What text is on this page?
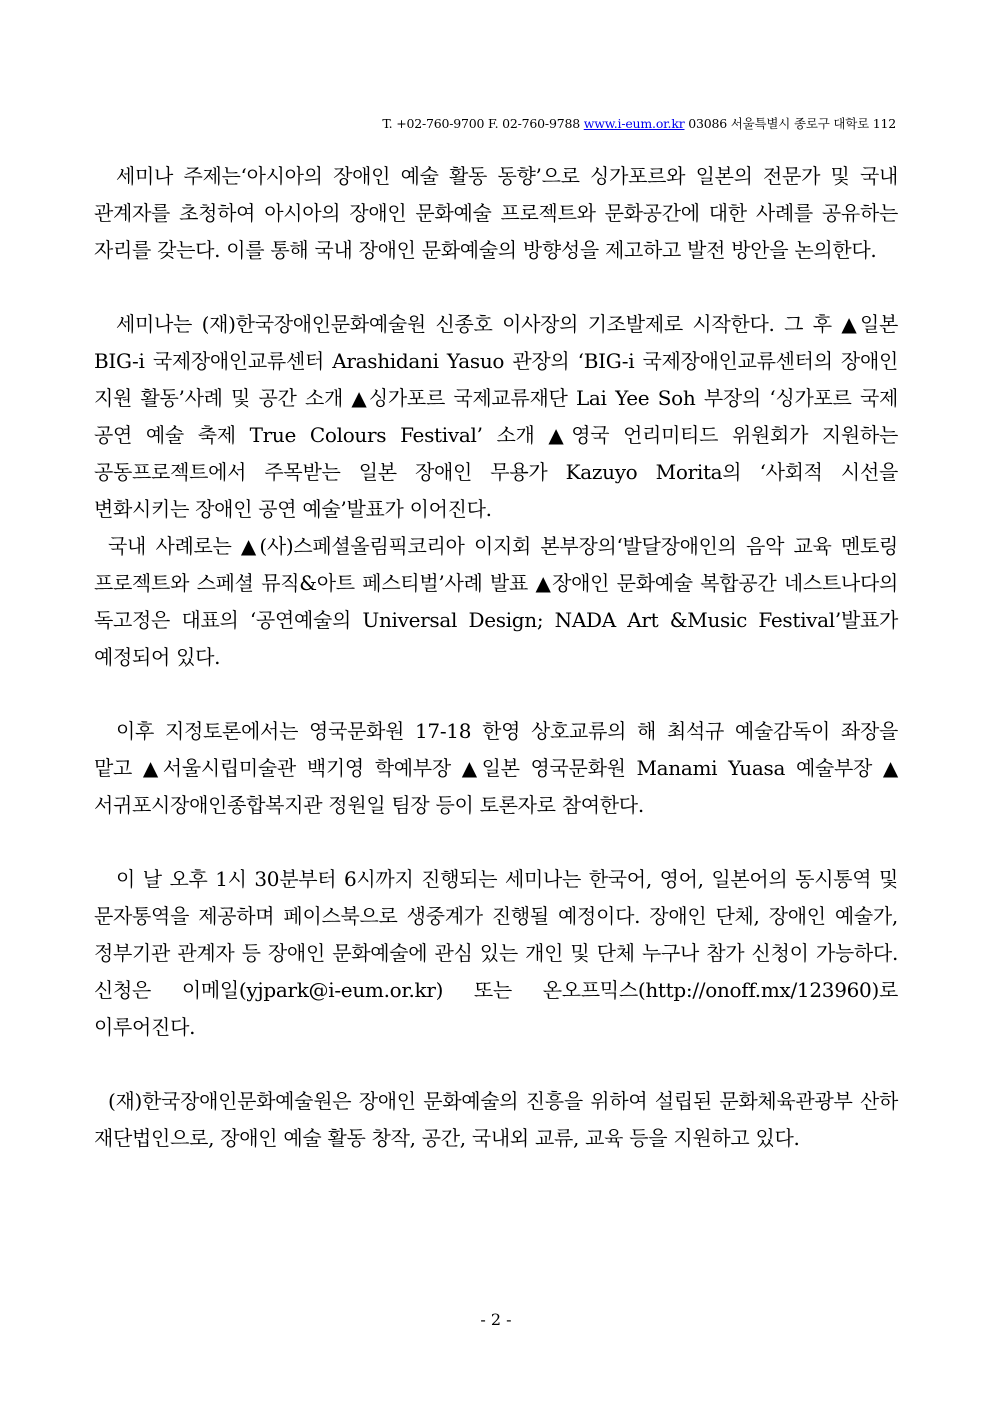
T. +02-760-9700 F. 02-760-9788 www.i-eum.or.kr 03086 서울특별시 종로구 대학로 112

세미나 주제는‘아시아의 장애인 예술 활동 동향’으로 싱가포르와 일본의 전문가 및 국내 관계자를 초청하여 아시아의 장애인 문화예술 프로젝트와 문화공간에 대한 사례를 공유하는 자리를 갖는다. 이를 통해 국내 장애인 문화예술의 방향성을 제고하고 발전 방안을 논의한다.

세미나는 (재)한국장애인문화예술원 신종호 이사장의 기조발제로 시작한다. 그 후 ▲일본 BIG-i 국제장애인교류센터 Arashidani Yasuo 관장의 ‘BIG-i 국제장애인교류센터의 장애인 지원 활동’사례 및 공간 소개 ▲싱가포르 국제교류재단 Lai Yee Soh 부장의 ‘싱가포르 국제 공연 예술 축제 True Colours Festival’ 소개 ▲영국 언리미티드 위원회가 지원하는 공동프로젝트에서 주목받는 일본 장애인 무용가 Kazuyo Morita의 ‘사회적 시선을 변화시키는 장애인 공연 예술’발표가 이어진다.

국내 사례로는 ▲(사)스페셜올림픽코리아 이지회 본부장의‘발달장애인의 음악 교육 멘토링 프로젝트와 스페셜 뮤직&아트 페스티벌’사례 발표 ▲장애인 문화예술 복합공간 네스트나다의 독고정은 대표의 ‘공연예술의 Universal Design; NADA Art &Music Festival’발표가 예정되어 있다.

이후 지정토론에서는 영국문화원 17-18 한영 상호교류의 해 최석규 예술감독이 좌장을 맡고 ▲서울시립미술관 백기영 학예부장 ▲일본 영국문화원 Manami Yuasa 예술부장 ▲서귀포시장애인종합복지관 정원일 팀장 등이 토론자로 참여한다.

이 날 오후 1시 30분부터 6시까지 진행되는 세미나는 한국어, 영어, 일본어의 동시통역 및 문자통역을 제공하며 페이스북으로 생중계가 진행될 예정이다. 장애인 단체, 장애인 예술가, 정부기관 관계자 등 장애인 문화예술에 관심 있는 개인 및 단체 누구나 참가 신청이 가능하다. 신청은 이메일(yjpark@i-eum.or.kr) 또는 온오프믹스(http://onoff.mx/123960)로 이루어진다.

(재)한국장애인문화예술원은 장애인 문화예술의 진흥을 위하여 설립된 문화체육관광부 산하 재단법인으로, 장애인 예술 활동 창작, 공간, 국내외 교류, 교육 등을 지원하고 있다.

- 2 -
